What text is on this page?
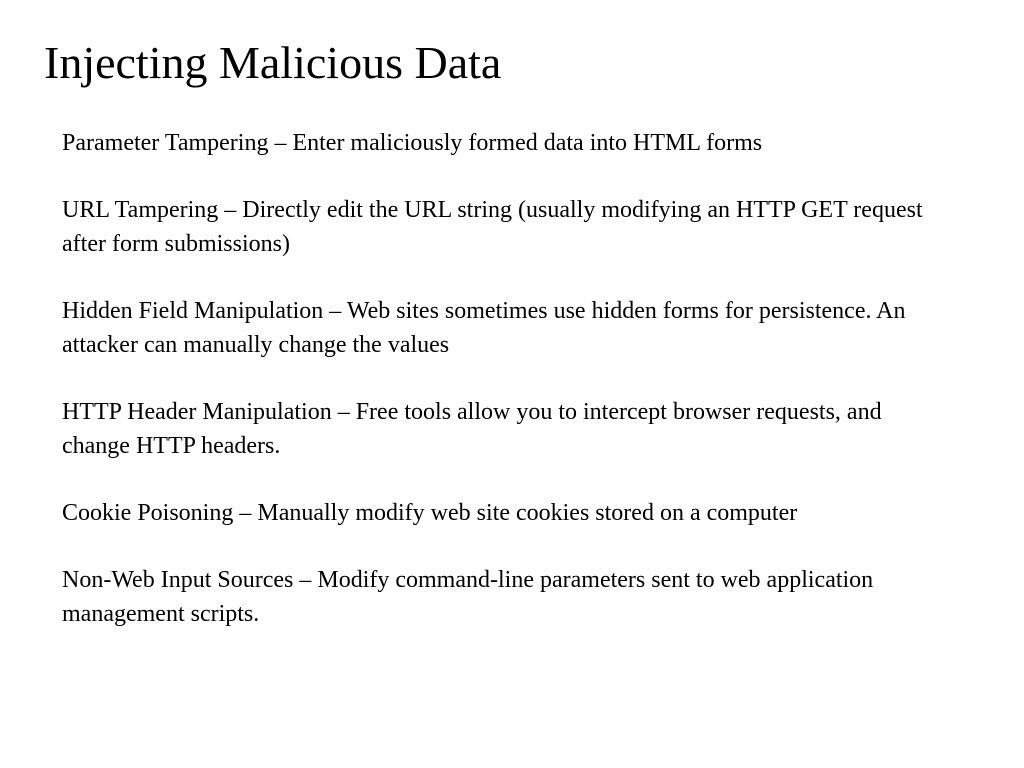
Injecting Malicious Data

Parameter Tampering – Enter maliciously formed data into HTML forms

URL Tampering – Directly edit the URL string (usually modifying an HTTP GET request after form submissions)

Hidden Field Manipulation – Web sites sometimes use hidden forms for persistence. An attacker can manually change the values

HTTP Header Manipulation – Free tools allow you to intercept browser requests, and change HTTP headers.

Cookie Poisoning – Manually modify web site cookies stored on a computer

Non-Web Input Sources – Modify command-line parameters sent to web application management scripts.
